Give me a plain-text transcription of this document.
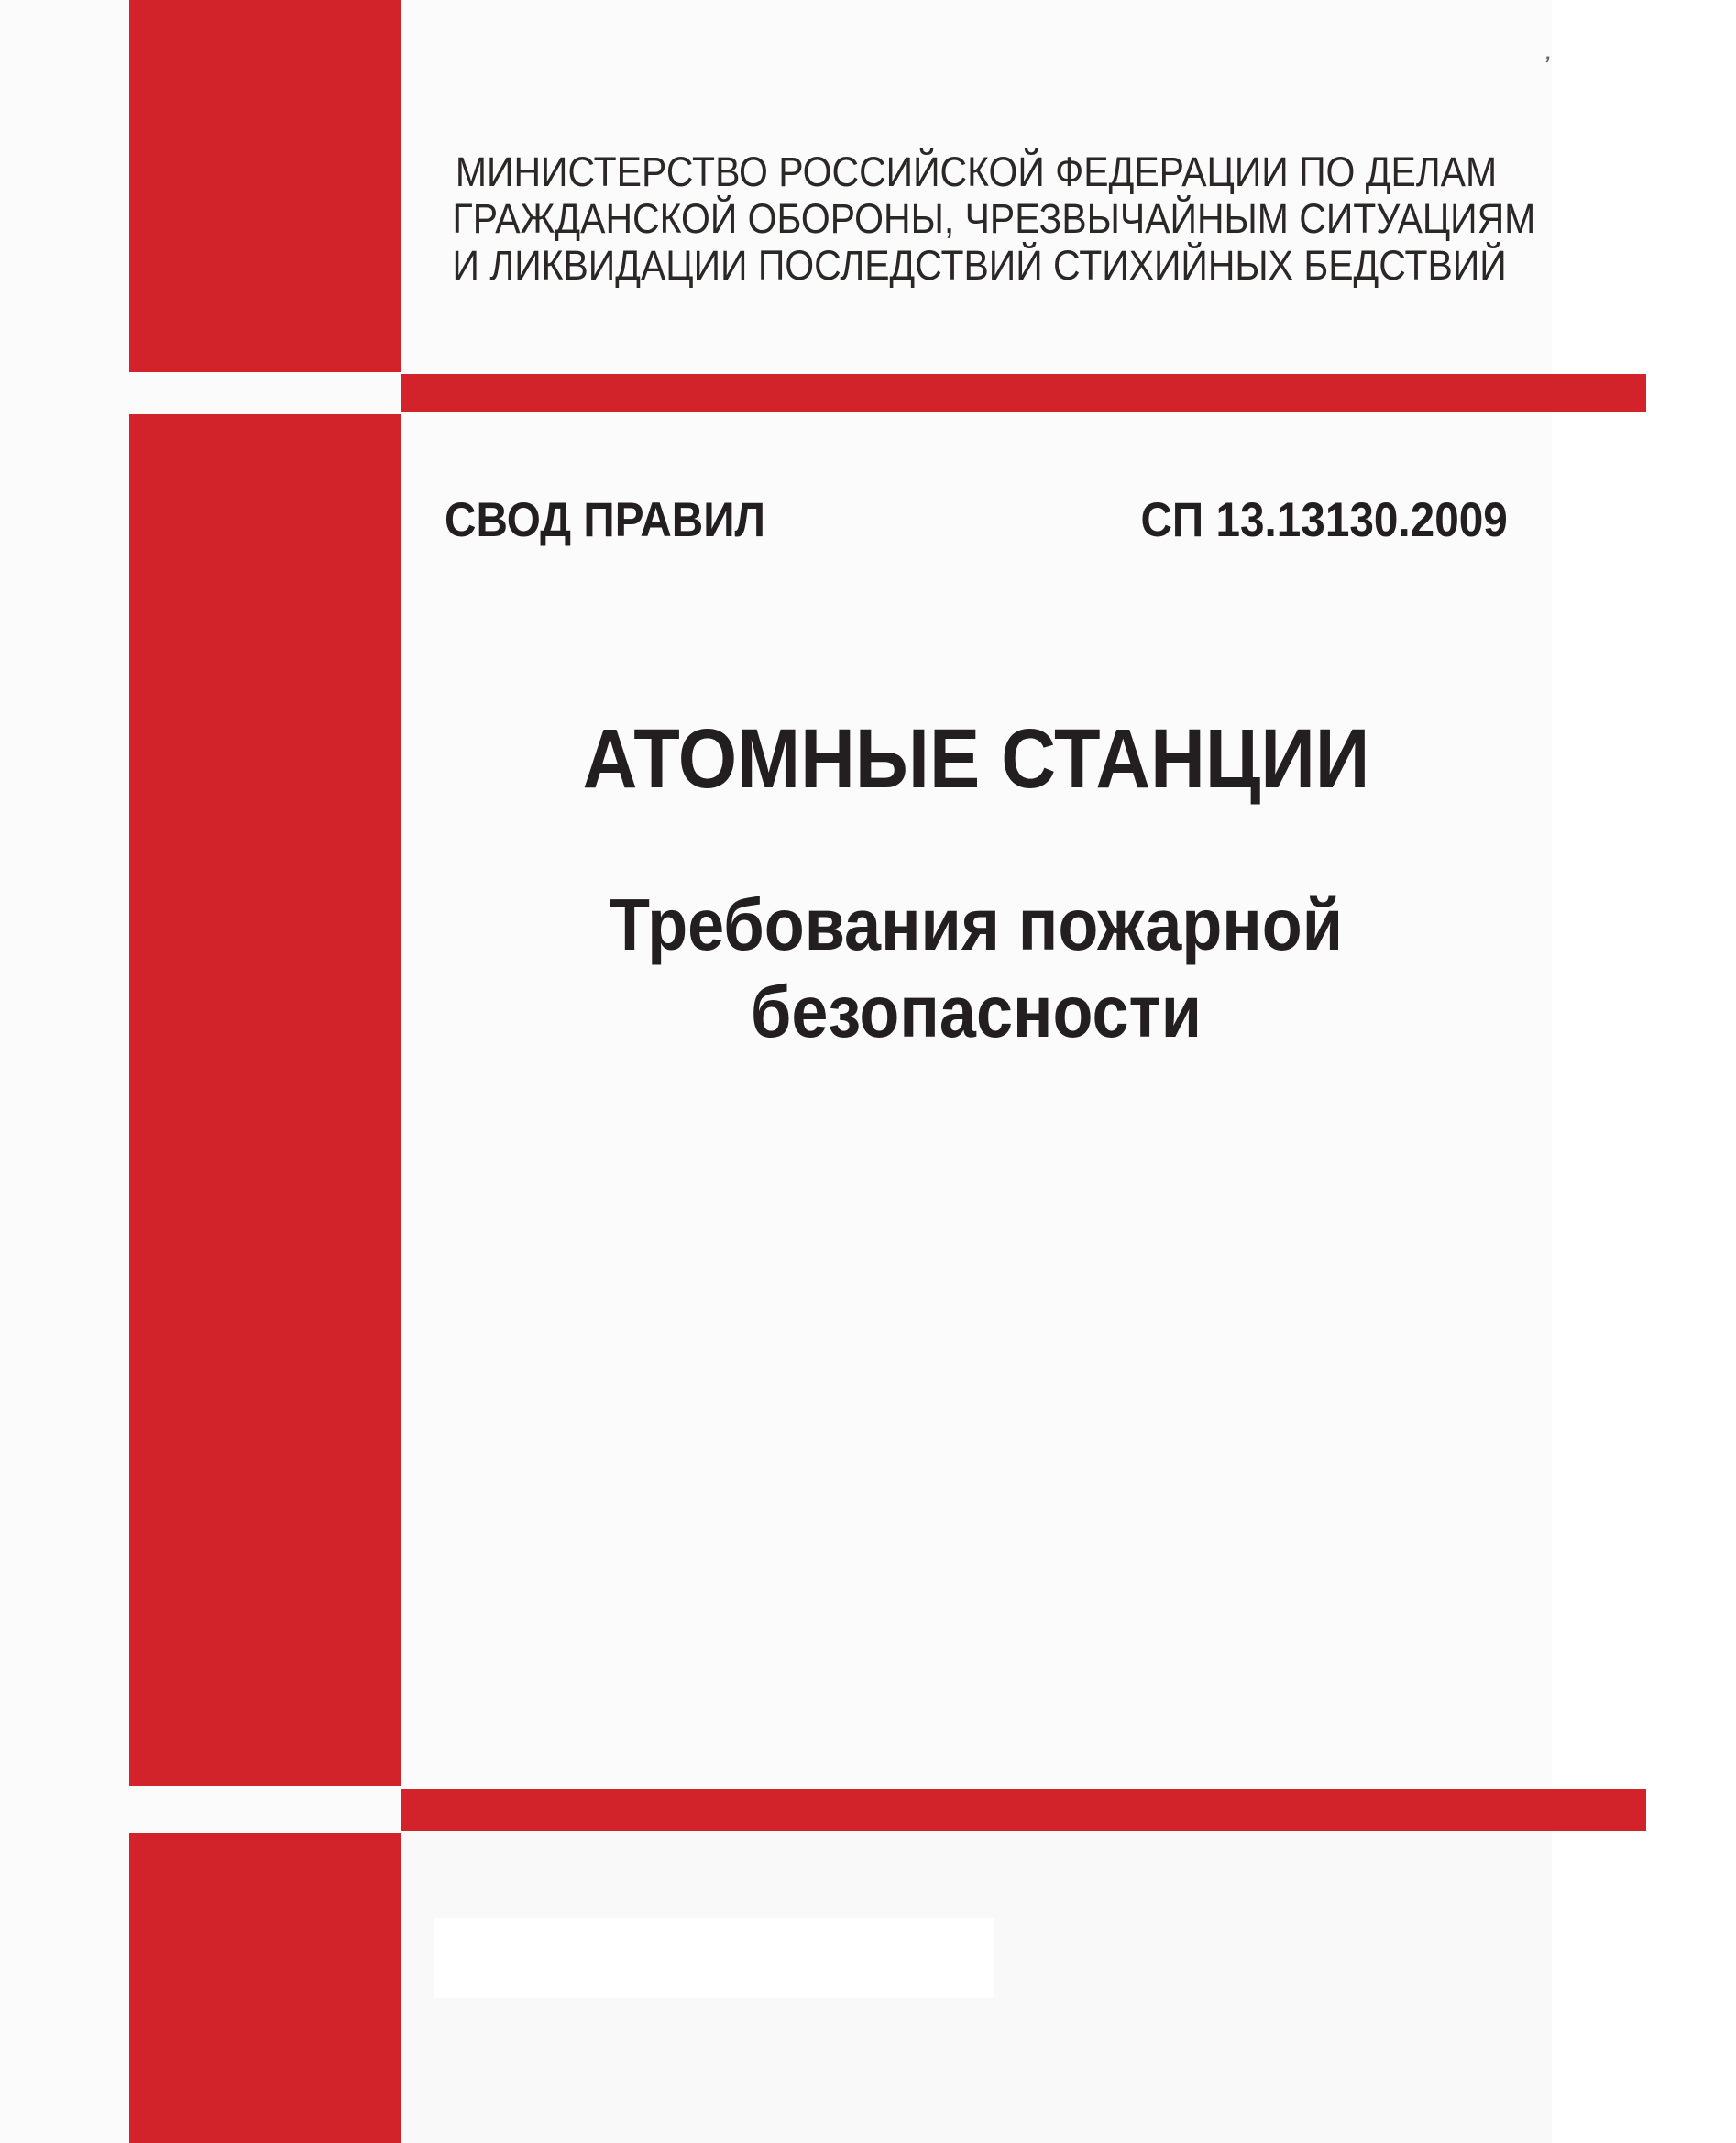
МИНИСТЕРСТВО РОССИЙСКОЙ ФЕДЕРАЦИИ ПО ДЕЛАМ
ГРАЖДАНСКОЙ ОБОРОНЫ, ЧРЕЗВЫЧАЙНЫМ СИТУАЦИЯМ
И ЛИКВИДАЦИИ ПОСЛЕДСТВИЙ СТИХИЙНЫХ БЕДСТВИЙ
СВОД ПРАВИЛ	СП 13.13130.2009
АТОМНЫЕ СТАНЦИИ
Требования пожарной
безопасности
’
